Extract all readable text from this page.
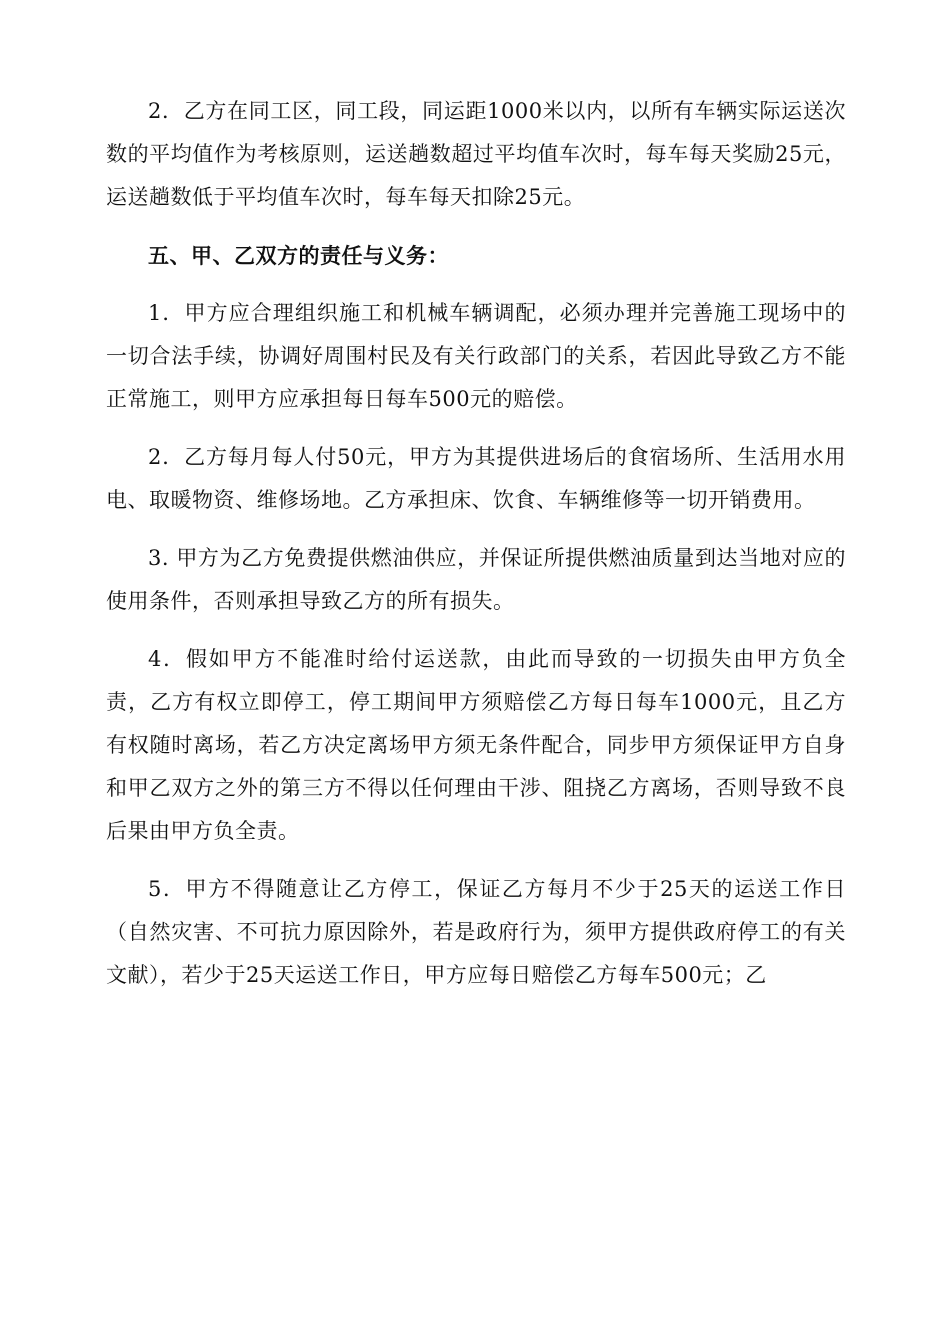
2．乙方在同工区，同工段，同运距1000米以内，以所有车辆实际运送次数的平均值作为考核原则，运送趟数超过平均值车次时，每车每天奖励25元，运送趟数低于平均值车次时，每车每天扣除25元。

五、甲、乙双方的责任与义务：

1．甲方应合理组织施工和机械车辆调配，必须办理并完善施工现场中的一切合法手续，协调好周围村民及有关行政部门的关系，若因此导致乙方不能正常施工，则甲方应承担每日每车500元的赔偿。

2．乙方每月每人付50元，甲方为其提供进场后的食宿场所、生活用水用电、取暖物资、维修场地。乙方承担床、饮食、车辆维修等一切开销费用。

3. 甲方为乙方免费提供燃油供应，并保证所提供燃油质量到达当地对应的使用条件，否则承担导致乙方的所有损失。

4．假如甲方不能准时给付运送款，由此而导致的一切损失由甲方负全责，乙方有权立即停工，停工期间甲方须赔偿乙方每日每车1000元，且乙方有权随时离场，若乙方决定离场甲方须无条件配合，同步甲方须保证甲方自身和甲乙双方之外的第三方不得以任何理由干涉、阻挠乙方离场，否则导致不良后果由甲方负全责。

5．甲方不得随意让乙方停工，保证乙方每月不少于25天的运送工作日（自然灾害、不可抗力原因除外，若是政府行为，须甲方提供政府停工的有关文献），若少于25天运送工作日，甲方应每日赔偿乙方每车500元；乙
